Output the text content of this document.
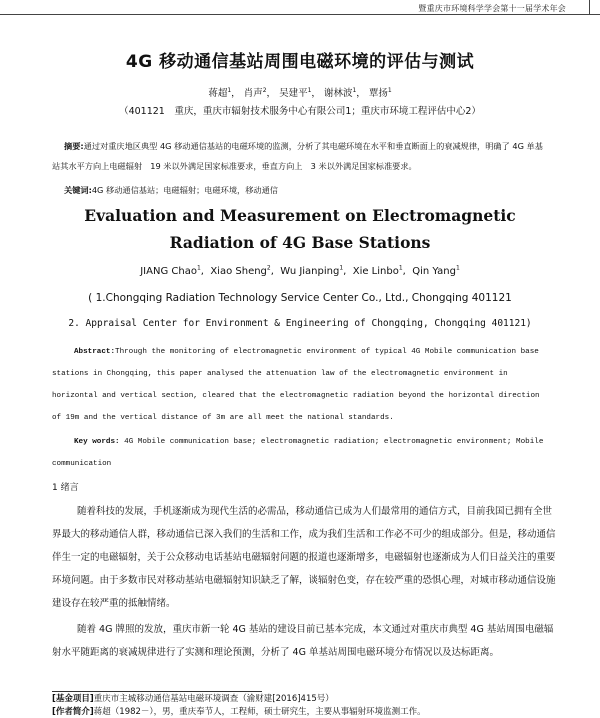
暨重庆市环境科学学会第十一届学术年会
4G 移动通信基站周围电磁环境的评估与测试
蒋超$^1$， 肖声$^2$， 吴建平$^1$， 谢林波$^1$， 覃扬$^1$
（401121　重庆，重庆市辐射技术服务中心有限公司1；重庆市环境工程评估中心2）
摘要:通过对重庆地区典型 4G 移动通信基站的电磁环境的监测，分析了其电磁环境在水平和垂直断面上的衰减规律，明确了 4G 单基站其水平方向上电磁辐射　19 米以外满足国家标准要求，垂直方向上　3 米以外满足国家标准要求。
关键词:4G 移动通信基站；电磁辐射；电磁环境，移动通信
Evaluation and Measurement on Electromagnetic
Radiation of 4G Base Stations
JIANG Chao$^1$,  Xiao Sheng$^2$,  Wu Jianping$^1$,  Xie Linbo$^1$,  Qin Yang$^1$
( 1.Chongqing Radiation Technology Service Center Co., Ltd., Chongqing 401121
2. Appraisal Center for Environment & Engineering of Chongqing, Chongqing 401121)
Abstract:Through the monitoring of electromagnetic environment of typical 4G Mobile communication base stations in Chongqing, this paper analysed the attenuation law of the electromagnetic environment in horizontal and vertical section, cleared that the electromagnetic radiation beyond the horizontal direction of 19m and the vertical distance of 3m are all meet the national standards.
Key words: 4G Mobile communication base; electromagnetic radiation; electromagnetic environment; Mobile communication
1 绪言
随着科技的发展，手机逐渐成为现代生活的必需品，移动通信已成为人们最常用的通信方式，目前我国已拥有全世界最大的移动通信人群，移动通信已深入我们的生活和工作，成为我们生活和工作必不可少的组成部分。但是，移动通信伴生一定的电磁辐射，关于公众移动电话基站电磁辐射问题的报道也逐渐增多，电磁辐射也逐渐成为人们日益关注的重要环境问题。由于多数市民对移动基站电磁辐射知识缺乏了解，谈辐射色变，存在较严重的恐惧心理，对城市移动通信设施建设存在较严重的抵触情绪。
随着 4G 牌照的发放，重庆市新一轮 4G 基站的建设目前已基本完成，本文通过对重庆市典型 4G 基站周围电磁辐射水平随距离的衰减规律进行了实测和理论预测，分析了 4G 单基站周围电磁环境分布情况以及达标距离。
[基金项目]重庆市主城移动通信基站电磁环境调查（渝财建[2016]415号）
[作者简介]蒋超（1982－），男，重庆奉节人，工程师，硕士研究生，主要从事辐射环境监测工作。
